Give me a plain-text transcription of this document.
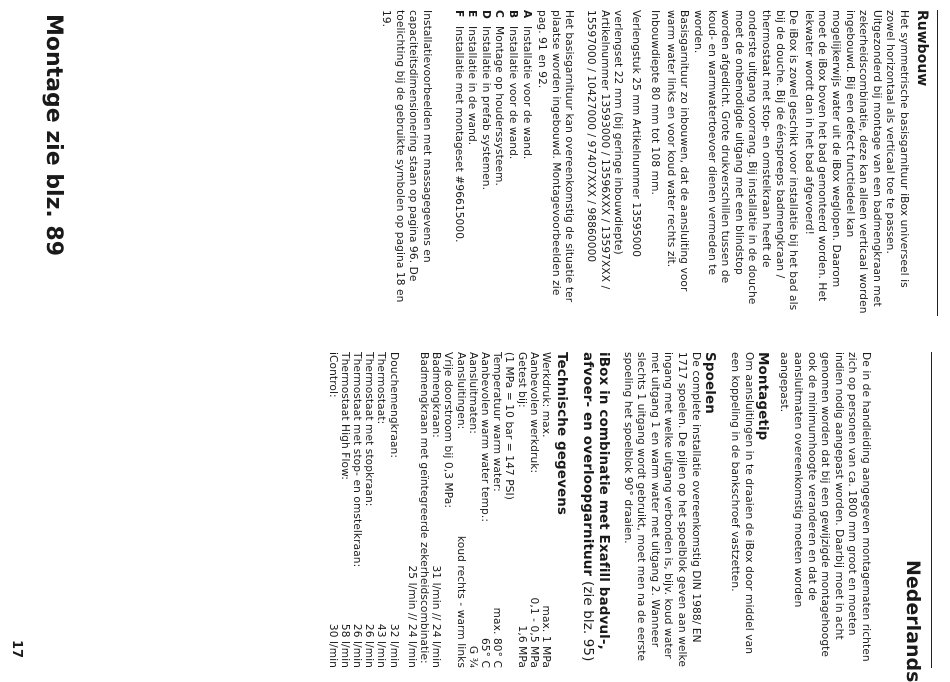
Nederlands
Ruwbouw

Het symmetrische basisgarnituur iBox universeel is zowel horizontaal als verticaal toe te passen. Uitgezonderd bij montage van een badmengkraan met zekerheidscombinatie, deze kan alleen verticaal worden ingebouwd. Bij een defect functiedeel kan mogelijkerwijs water uit de iBox weglopen. Daarom moet de iBox boven het bad gemonteerd worden. Het lekwater wordt dan in het bad afgevoerd!

De iBox is zowel geschikt voor installatie bij het bad als bij de douche. Bij de éénspreeps badmengkraan / thermostaat met stop- en omstelkraan heeft de onderste uitgang voorrang. Bij installatie in de douche moet de onbenodigde uitgang met een blindstop worden afgedicht. Grote drukverschillen tussen de koud- en warmwatertoevoer dienen vermeden te worden.

Basisgarnituur zo inbouwen, dat de aansluiting voor warm water links en voor koud water rechts zit.

Inbouwdiepte 80 mm tot 108 mm.

Verlengstuk 25 mm Artikelnummer 13595000

verlengset 22 mm (bij geringe inbouwdiepte)

Artikelnummer 13593000 / 13596XXX / 13597XXX / 15597000 / 10427000 / 97407XXX / 98860000

Het basisgarnituur kan overeenkomstig de situatie ter plaatse worden ingebouwd. Montagevoorbeelden zie pag. 91 en 92.

A
Installatie voor de wand.
B
Installatie voor de wand.
C
Montage op houderssysteem.
D
Installatie in prefab systemen.
E
Installatie in de wand.
F
Installatie met montageset #96615000.

Installatievoorbeelden met massagegevens en capaciteitsdimensionering staan op paginа 96. De toelichting bij de gebruikte symbolen op pagina 18 en 19.

Montage zie blz. 89

De in de handleiding aangegeven montagematen richten zich op personen van ca. 1800 mm groot en moeten indien nodig aangepast worden. Daarbij moet in acht genomen worden dat bij een gewijzigde montagehoogte ook de minimumhoogte veranderen en dat de aansluitmaten overeenkomstig moeten worden aangepast.

Montagetip

Om aansluitingen in te draaien de iBox door middel van een koppeling in de bankschroef vastzetten.

Spoelen

De complete installatie overeenkomstig DIN 1988/ EN 1717 spoelen. De pijlen op het spoelblok geven aan welke ingang met welke uitgang verbonden is, bijv. koud water met uitgang 1 en warm water met uitgang 2. Wanneer slechts 1 uitgang wordt gebruikt, moet men na de eerste spoeling het spoelblok 90° draaien.

iBox in combinatie met Exafill badvul-, afvoer- en overloopgarnituur (zie blz. 95)
Technische gegevens
Werkdruk: max.
max. 1 MPa
Aanbevolen werkdruk:
0,1 - 0,5 MPa
Getest bij:
1,6 MPa
(1 MPa = 10 bar = 147 PSI)
Temperatuur warm water:
max. 80° C
Aanbevolen warm water temp.:
65° C
Aansluitmaten:
G ¾
Aansluitingen:
koud rechts - warm links
Vrije doorstroom bij 0,3 MPa:
Badmengkraan:
31 l/min // 24 l/min
Badmengkraan met geïntegreerde zekerheidscombinatie:
25 l/min // 24 l/min
Douchemengkraan:
32 l/min
Thermostaat:
43 l/min
Thermostaat met stopkraan:
26 l/min
Thermostaat met stop- en omstelkraan:
26 l/min
Thermostaat High Flow:
58 l/min
iControl:
30 l/min
17
